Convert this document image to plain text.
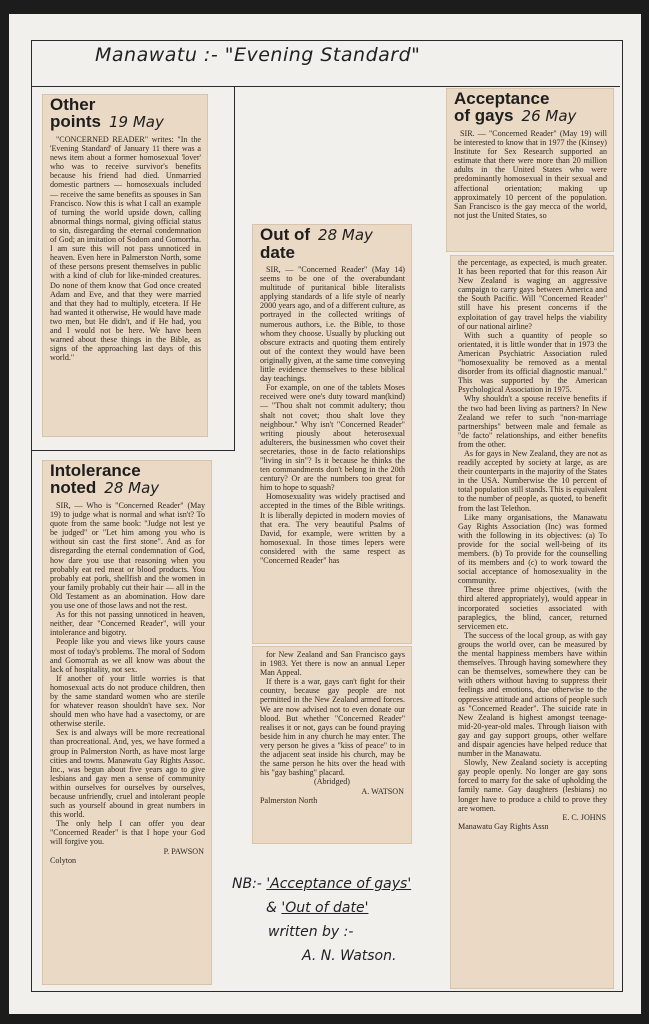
Manawatu :- "Evening Standard"
Other
points 19 May

"CONCERNED READER" writes: "In the 'Evening Standard' of January 11 there was a news item about a former homosexual 'lover' who was to receive survivor's benefits because his friend had died. Unmarried domestic partners — homosexuals included — receive the same benefits as spouses in San Francisco. Now this is what I call an example of turning the world upside down, calling abnormal things normal, giving official status to sin, disregarding the eternal condemnation of God; an imitation of Sodom and Gomorrha. I am sure this will not pass unnoticed in heaven. Even here in Palmerston North, some of these persons present themselves in public with a kind of club for like-minded creatures. Do none of them know that God once created Adam and Eve, and that they were married and that they had to multiply, etcetera. If He had wanted it otherwise, He would have made two men, but He didn't, and if He had, you and I would not be here. We have been warned about these things in the Bible, as signs of the approaching last days of this world."

Intolerance
noted 28 May

SIR, — Who is "Concerned Reader" (May 19) to judge what is normal and what isn't? To quote from the same book: "Judge not lest ye be judged" or "Let him among you who is without sin cast the first stone". And as for disregarding the eternal condemnation of God, how dare you use that reasoning when you probably eat red meat or blood products. You probably eat pork, shellfish and the women in your family probably cut their hair — all in the Old Testament as an abomination. How dare you use one of those laws and not the rest.

As for this not passing unnoticed in heaven, neither, dear "Concerned Reader", will your intolerance and bigotry.

People like you and views like yours cause most of today's problems. The moral of Sodom and Gomorrah as we all know was about the lack of hospitality, not sex.

If another of your little worries is that homosexual acts do not produce children, then by the same standard women who are sterile for whatever reason shouldn't have sex. Nor should men who have had a vasectomy, or are otherwise sterile.

Sex is and always will be more recreational than procreational. And, yes, we have formed a group in Palmerston North, as have most large cities and towns. Manawatu Gay Rights Assoc. Inc., was begun about five years ago to give lesbians and gay men a sense of community within ourselves for ourselves by ourselves, because unfriendly, cruel and intolerant people such as yourself abound in great numbers in this world.

The only help I can offer you dear "Concerned Reader" is that I hope your God will forgive you.

P. PAWSON
Colyton
Out of 28 May
date

SIR, — "Concerned Reader" (May 14) seems to be one of the overabundant multitude of puritanical bible literalists applying standards of a life style of nearly 2000 years ago, and of a different culture, as portrayed in the collected writings of numerous authors, i.e. the Bible, to those whom they choose. Usually by plucking out obscure extracts and quoting them entirely out of the context they would have been originally given, at the same time conveying little evidence themselves to these biblical day teachings.

For example, on one of the tablets Moses received were one's duty toward man(kind) — "Thou shalt not commit adultery; thou shalt not covet; thou shalt love they neighbour." Why isn't "Concerned Reader" writing piously about heterosexual adulterers, the businessmen who covet their secretaries, those in de facto relationships "living in sin"? Is it because he thinks the ten commandments don't belong in the 20th century? Or are the numbers too great for him to hope to squash?

Homosexuality was widely practised and accepted in the times of the Bible writings. It is liberally depicted in modern movies of that era. The very beautiful Psalms of David, for example, were written by a homosexual. In those times lepers were considered with the same respect as "Concerned Reader" has

for New Zealand and San Francisco gays in 1983. Yet there is now an annual Leper Man Appeal.

If there is a war, gays can't fight for their country, because gay people are not permitted in the New Zealand armed forces. We are now advised not to even donate our blood. But whether "Concerned Reader" realises it or not, gays can be found praying beside him in any church he may enter. The very person he gives a "kiss of peace" to in the adjacent seat inside his church, may be the same person he hits over the head with his "gay bashing" placard.

(Abridged)
A. WATSON
Palmerston North
Acceptance
of gays 26 May

SIR. — "Concerned Reader" (May 19) will be interested to know that in 1977 the (Kinsey) Institute for Sex Research supported an estimate that there were more than 20 million adults in the United States who were predominantly homosexual in their sexual and affectional orientation; making up approximately 10 percent of the population. San Francisco is the gay mecca of the world, not just the United States, so

the percentage, as expected, is much greater. It has been reported that for this reason Air New Zealand is waging an aggressive campaign to carry gays between America and the South Pacific. Will "Concerned Reader" still have his present concerns if the exploitation of gay travel helps the viability of our national airline?

With such a quantity of people so orientated, it is little wonder that in 1973 the American Psychiatric Association ruled "homosexuality be removed as a mental disorder from its official diagnostic manual." This was supported by the American Psychological Association in 1975.

Why shouldn't a spouse receive benefits if the two had been living as partners? In New Zealand we refer to such "non-marriage partnerships" between male and female as "de facto" relationships, and either benefits from the other.

As for gays in New Zealand, they are not as readily accepted by society at large, as are their counterparts in the majority of the States in the USA. Numberwise the 10 percent of total population still stands. This is equivalent to the number of people, as quoted, to benefit from the last Telethon.

Like many organisations, the Manawatu Gay Rights Association (Inc) was formed with the following in its objectives: (a) To provide for the social well-being of its members. (b) To provide for the counselling of its members and (c) to work toward the social acceptance of homosexuality in the community.

These three prime objectives, (with the third altered appropriately), would appear in incorporated societies associated with paraplegics, the blind, cancer, returned servicemen etc.

The success of the local group, as with gay groups the world over, can be measured by the mental happiness members have within themselves. Through having somewhere they can be themselves, somewhere they can be with others without having to suppress their feelings and emotions, due otherwise to the oppressive attitude and actions of people such as "Concerned Reader". The suicide rate in New Zealand is highest amongst teenage-mid-20-year-old males. Through liaison with gay and gay support groups, other welfare and dispair agencies have helped reduce that number in the Manawatu.

Slowly, New Zealand society is accepting gay people openly. No longer are gay sons forced to marry for the sake of upholding the family name. Gay daughters (lesbians) no longer have to produce a child to prove they are women.

E. C. JOHNS
Manawatu Gay Rights Assn
NB:- 'Acceptance of gays'
& 'Out of date'
written by :-
A. N. Watson.
